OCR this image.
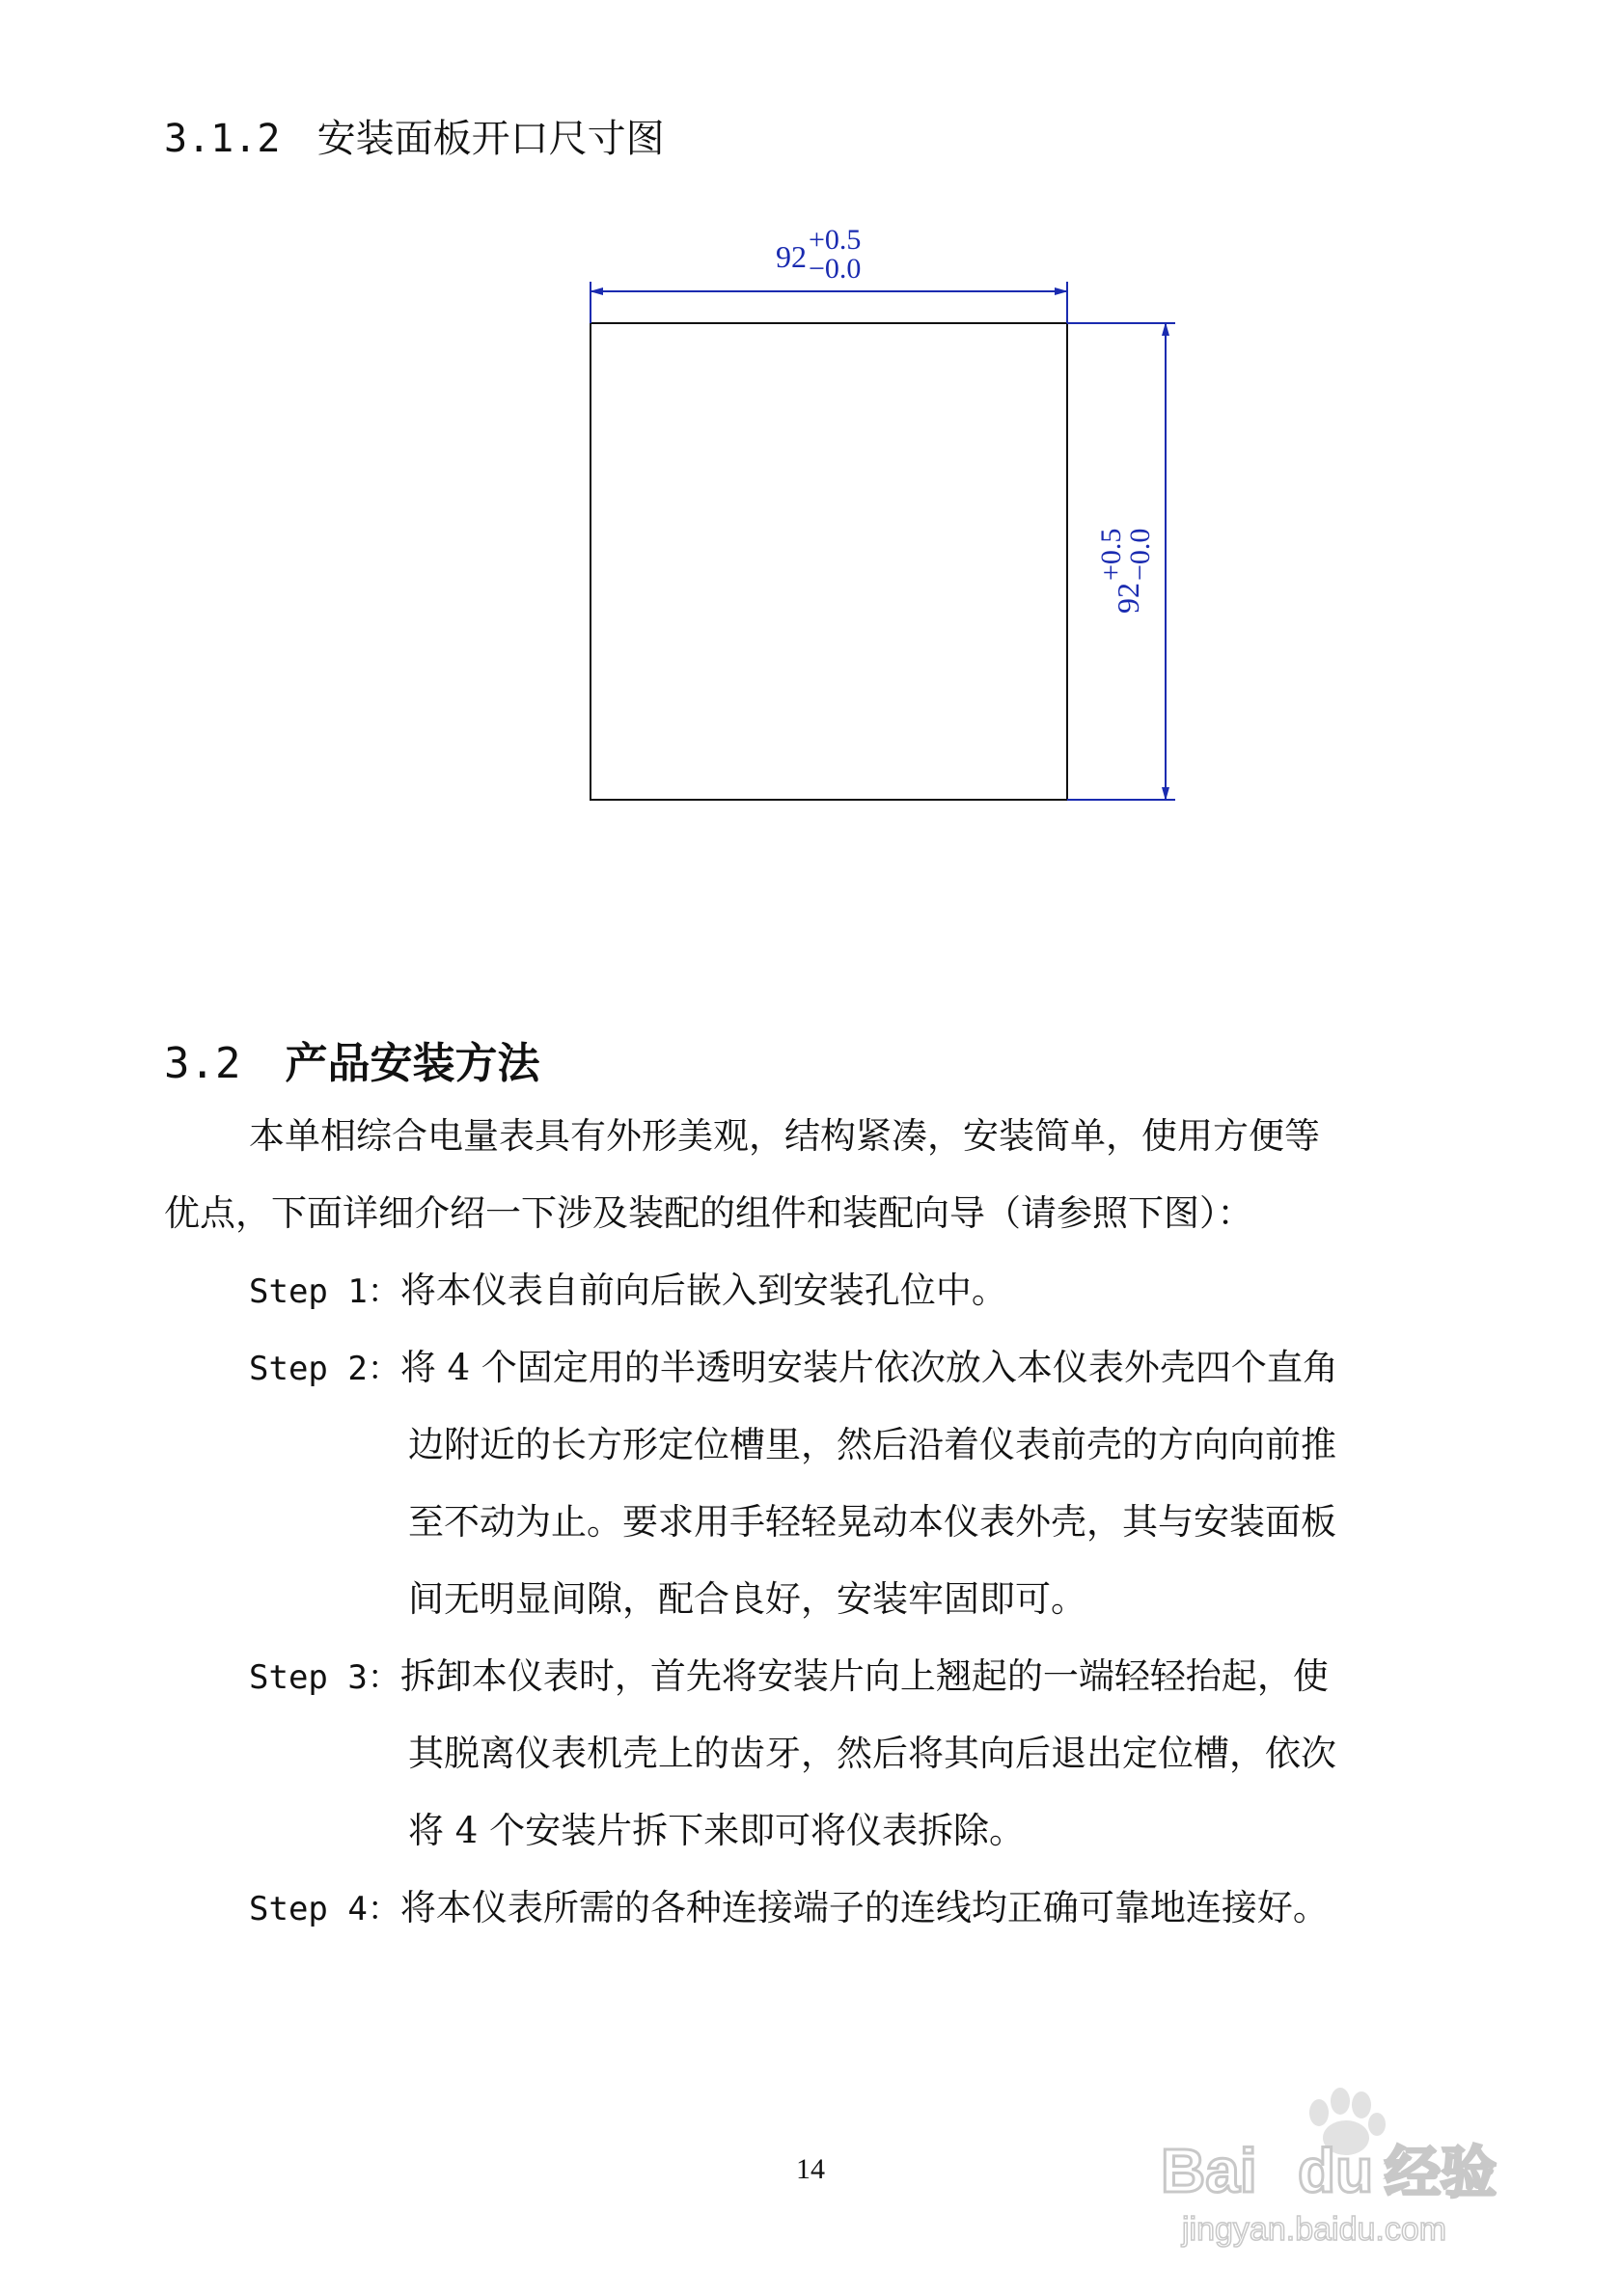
3.1.2 安装面板开口尺寸图
92 +0.5
−0.0
92
+0.5
−0.0
3.2 产品安装方法
本单相综合电量表具有外形美观，结构紧凑，安装简单，使用方便等
优点，下面详细介绍一下涉及装配的组件和装配向导（请参照下图）：
Step 1：将本仪表自前向后嵌入到安装孔位中。
Step 2：将 4 个固定用的半透明安装片依次放入本仪表外壳四个直角
边附近的长方形定位槽里，然后沿着仪表前壳的方向向前推
至不动为止。要求用手轻轻晃动本仪表外壳，其与安装面板
间无明显间隙，配合良好，安装牢固即可。
Step 3：拆卸本仪表时，首先将安装片向上翘起的一端轻轻抬起，使
其脱离仪表机壳上的齿牙，然后将其向后退出定位槽，依次
将 4 个安装片拆下来即可将仪表拆除。
Step 4：将本仪表所需的各种连接端子的连线均正确可靠地连接好。
14	Bai du 经验
jingyan.baidu.com
